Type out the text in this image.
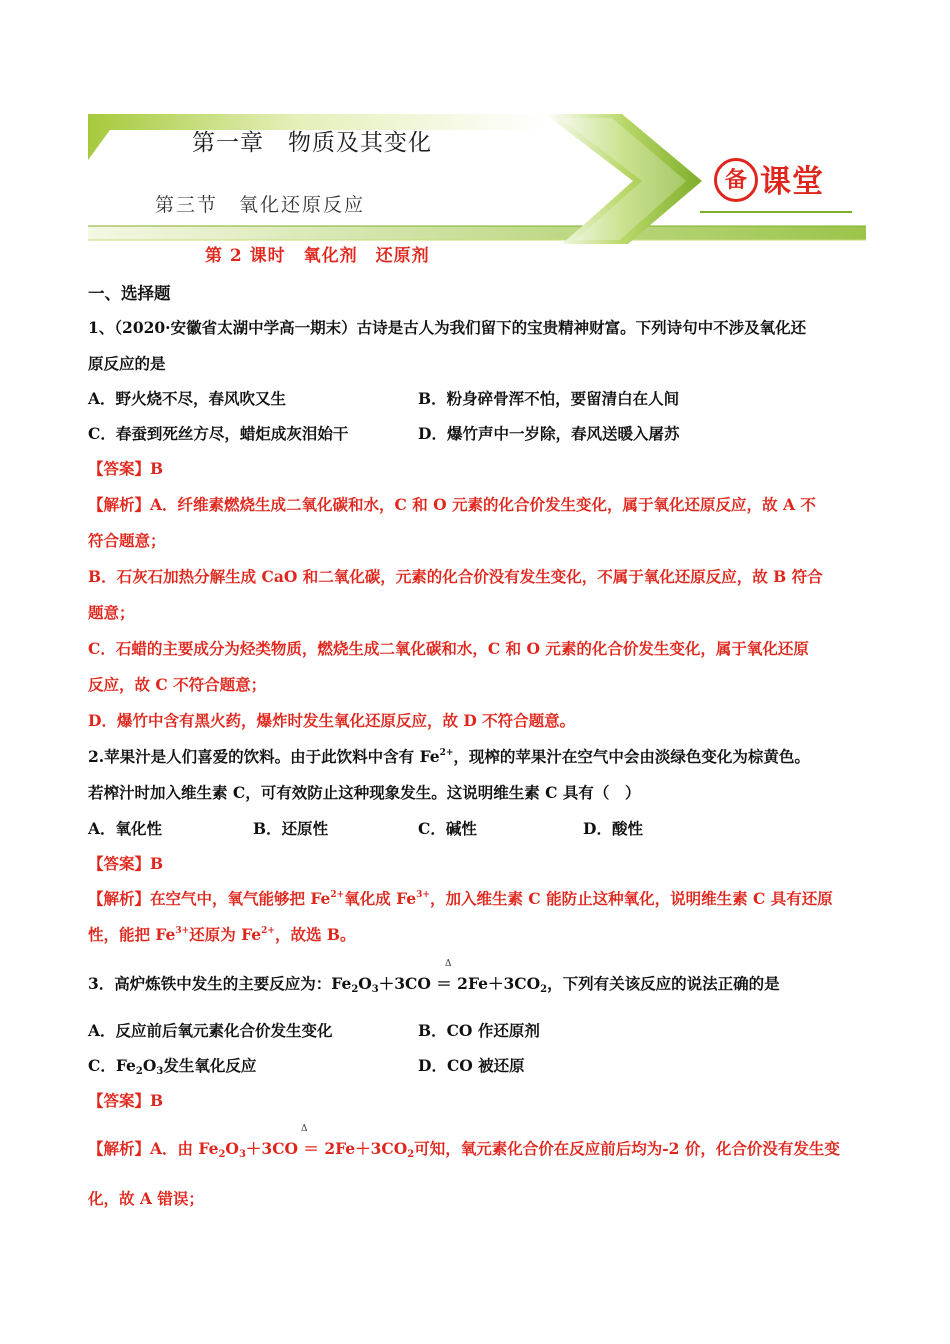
第一章　物质及其变化
第三节　氧化还原反应
第 2 课时　氧化剂　还原剂
备 课堂
一、选择题
1、（2020·安徽省太湖中学高一期末）古诗是古人为我们留下的宝贵精神财富。下列诗句中不涉及氧化还
原反应的是
A．野火烧不尽，春风吹又生	B．粉身碎骨浑不怕，要留清白在人间
C．春蚕到死丝方尽，蜡炬成灰泪始干	D．爆竹声中一岁除，春风送暖入屠苏
【答案】B
【解析】A．纤维素燃烧生成二氧化碳和水，C 和 O 元素的化合价发生变化，属于氧化还原反应，故 A 不
符合题意；
B．石灰石加热分解生成 CaO 和二氧化碳，元素的化合价没有发生变化，不属于氧化还原反应，故 B 符合
题意；
C．石蜡的主要成分为烃类物质，燃烧生成二氧化碳和水，C 和 O 元素的化合价发生变化，属于氧化还原
反应，故 C 不符合题意；
D．爆竹中含有黑火药，爆炸时发生氧化还原反应，故 D 不符合题意。
2.苹果汁是人们喜爱的饮料。由于此饮料中含有 $Fe^{2+}$，现榨的苹果汁在空气中会由淡绿色变化为棕黄色。
若榨汁时加入维生素 C，可有效防止这种现象发生。这说明维生素 C 具有（　）
A．氧化性	B．还原性	C．碱性	D．酸性
【答案】B
【解析】在空气中，氧气能够把 $Fe^{2+}$氧化成 $Fe^{3+}$，加入维生素 C 能防止这种氧化，说明维生素 C 具有还原
性，能把 $Fe^{3+}$还原为 $Fe^{2+}$，故选 B。
Δ
3．高炉炼铁中发生的主要反应为：$Fe_2O_3+3CO = 2Fe+3CO_2$，下列有关该反应的说法正确的是
A．反应前后氧元素化合价发生变化	B．CO 作还原剂
C．$Fe_2O_3$发生氧化反应	D．CO 被还原
【答案】B
Δ
【解析】A．由 $Fe_2O_3+3CO = 2Fe+3CO_2$可知，氧元素化合价在反应前后均为-2 价，化合价没有发生变
化，故 A 错误；
